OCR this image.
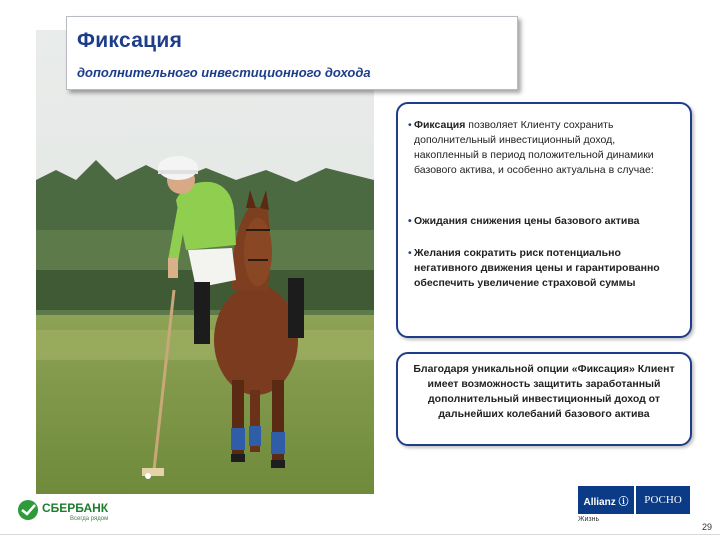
Фиксация
дополнительного инвестиционного дохода
• Фиксация позволяет Клиенту сохранить дополнительный инвестиционный доход, накопленный в период положительной динамики базового актива, и особенно актуальна в случае:
• Ожидания снижения цены базового актива
• Желания сократить риск потенциально негативного движения цены и гарантированно обеспечить увеличение страховой суммы
Благодаря уникальной опции «Фиксация» Клиент имеет возможность защитить заработанный дополнительный инвестиционный доход от дальнейших колебаний базового актива
СБЕРБАНК
Всегда рядом
Allianz ⓘ	РОСНО
Жизнь
29
